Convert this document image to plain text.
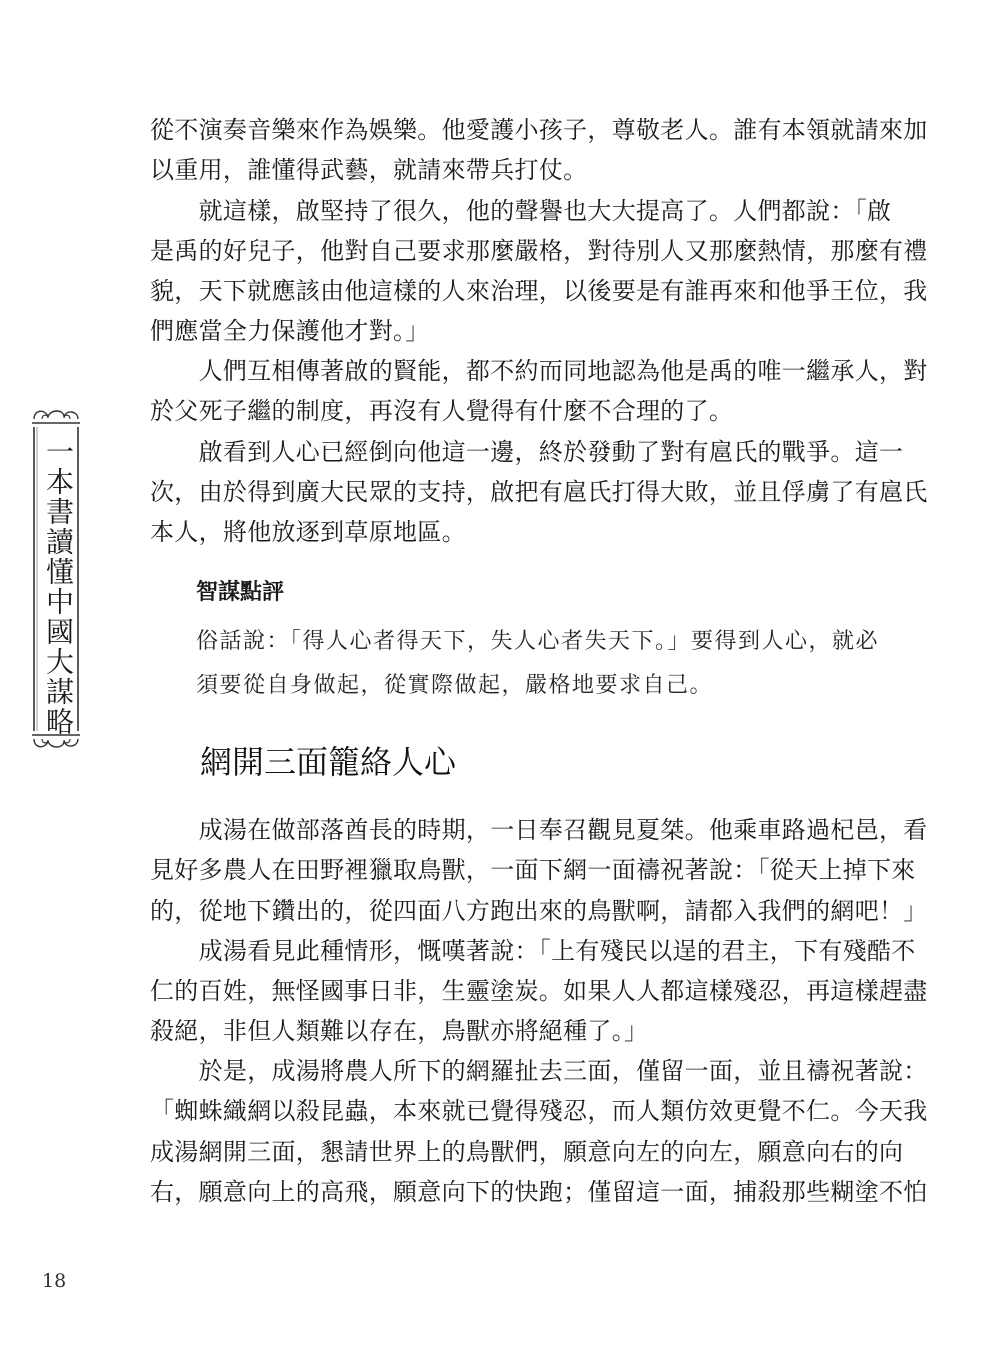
一本書讀懂中國大謀略
從不演奏音樂來作為娛樂。他愛護小孩子，尊敬老人。誰有本領就請來加
以重用，誰懂得武藝，就請來帶兵打仗。
　　就這樣，啟堅持了很久，他的聲譽也大大提高了。人們都說：「啟
是禹的好兒子，他對自己要求那麼嚴格，對待別人又那麼熱情，那麼有禮
貌，天下就應該由他這樣的人來治理，以後要是有誰再來和他爭王位，我
們應當全力保護他才對。」
　　人們互相傳著啟的賢能，都不約而同地認為他是禹的唯一繼承人，對
於父死子繼的制度，再沒有人覺得有什麼不合理的了。
　　啟看到人心已經倒向他這一邊，終於發動了對有扈氏的戰爭。這一
次，由於得到廣大民眾的支持，啟把有扈氏打得大敗，並且俘虜了有扈氏
本人，將他放逐到草原地區。
智謀點評
俗話說：「得人心者得天下，失人心者失天下。」要得到人心，就必
須要從自身做起，從實際做起，嚴格地要求自己。
網開三面籠絡人心
　　成湯在做部落酋長的時期，一日奉召觀見夏桀。他乘車路過杞邑，看
見好多農人在田野裡獵取鳥獸，一面下網一面禱祝著說：「從天上掉下來
的，從地下鑽出的，從四面八方跑出來的鳥獸啊，請都入我們的網吧！」
　　成湯看見此種情形，慨嘆著說：「上有殘民以逞的君主，下有殘酷不
仁的百姓，無怪國事日非，生靈塗炭。如果人人都這樣殘忍，再這樣趕盡
殺絕，非但人類難以存在，鳥獸亦將絕種了。」
　　於是，成湯將農人所下的網羅扯去三面，僅留一面，並且禱祝著說：
「蜘蛛織網以殺昆蟲，本來就已覺得殘忍，而人類仿效更覺不仁。今天我
成湯網開三面，懇請世界上的鳥獸們，願意向左的向左，願意向右的向
右，願意向上的高飛，願意向下的快跑；僅留這一面，捕殺那些糊塗不怕
18
